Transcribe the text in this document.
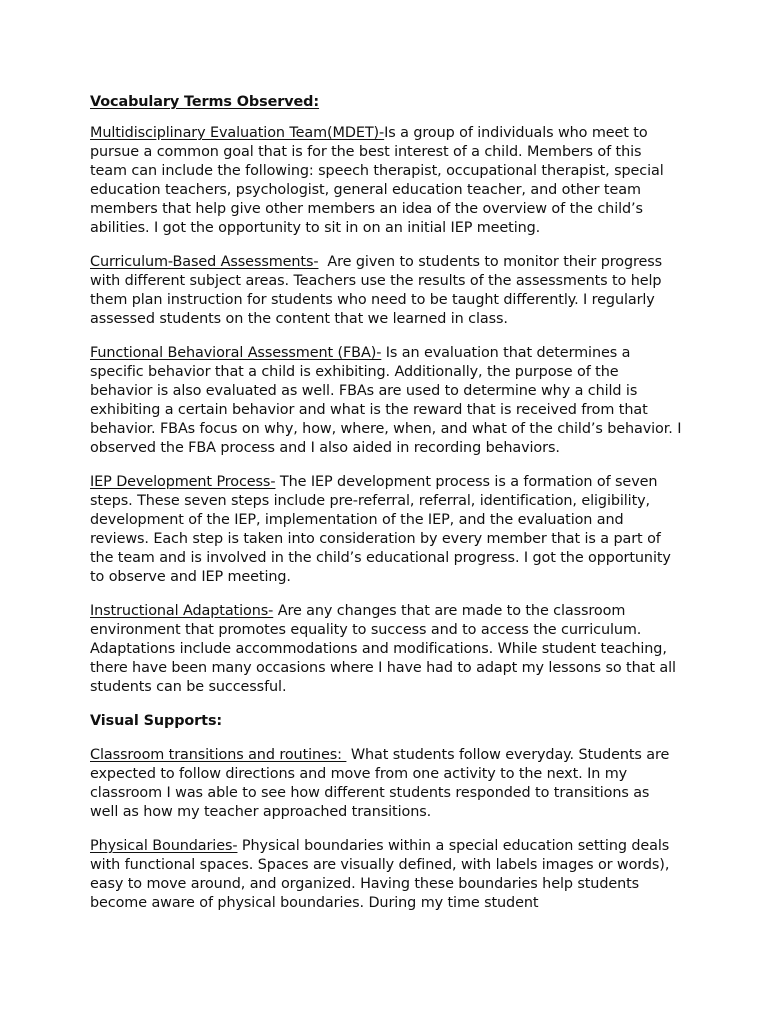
Vocabulary Terms Observed:

Multidisciplinary Evaluation Team(MDET)-Is a group of individuals who meet to pursue a common goal that is for the best interest of a child. Members of this team can include the following: speech therapist, occupational therapist, special education teachers, psychologist, general education teacher, and other team members that help give other members an idea of the overview of the child’s abilities. I got the opportunity to sit in on an initial IEP meeting.

Curriculum-Based Assessments-  Are given to students to monitor their progress with different subject areas. Teachers use the results of the assessments to help them plan instruction for students who need to be taught differently. I regularly assessed students on the content that we learned in class.

Functional Behavioral Assessment (FBA)- Is an evaluation that determines a specific behavior that a child is exhibiting. Additionally, the purpose of the behavior is also evaluated as well. FBAs are used to determine why a child is exhibiting a certain behavior and what is the reward that is received from that behavior. FBAs focus on why, how, where, when, and what of the child’s behavior. I observed the FBA process and I also aided in recording behaviors.

IEP Development Process- The IEP development process is a formation of seven steps. These seven steps include pre-referral, referral, identification, eligibility, development of the IEP, implementation of the IEP, and the evaluation and reviews. Each step is taken into consideration by every member that is a part of the team and is involved in the child’s educational progress. I got the opportunity to observe and IEP meeting.

Instructional Adaptations- Are any changes that are made to the classroom environment that promotes equality to success and to access the curriculum. Adaptations include accommodations and modifications. While student teaching, there have been many occasions where I have had to adapt my lessons so that all students can be successful.

Visual Supports:

Classroom transitions and routines:  What students follow everyday. Students are expected to follow directions and move from one activity to the next. In my classroom I was able to see how different students responded to transitions as well as how my teacher approached transitions.

Physical Boundaries- Physical boundaries within a special education setting deals with functional spaces. Spaces are visually defined, with labels images or words), easy to move around, and organized. Having these boundaries help students become aware of physical boundaries. During my time student
